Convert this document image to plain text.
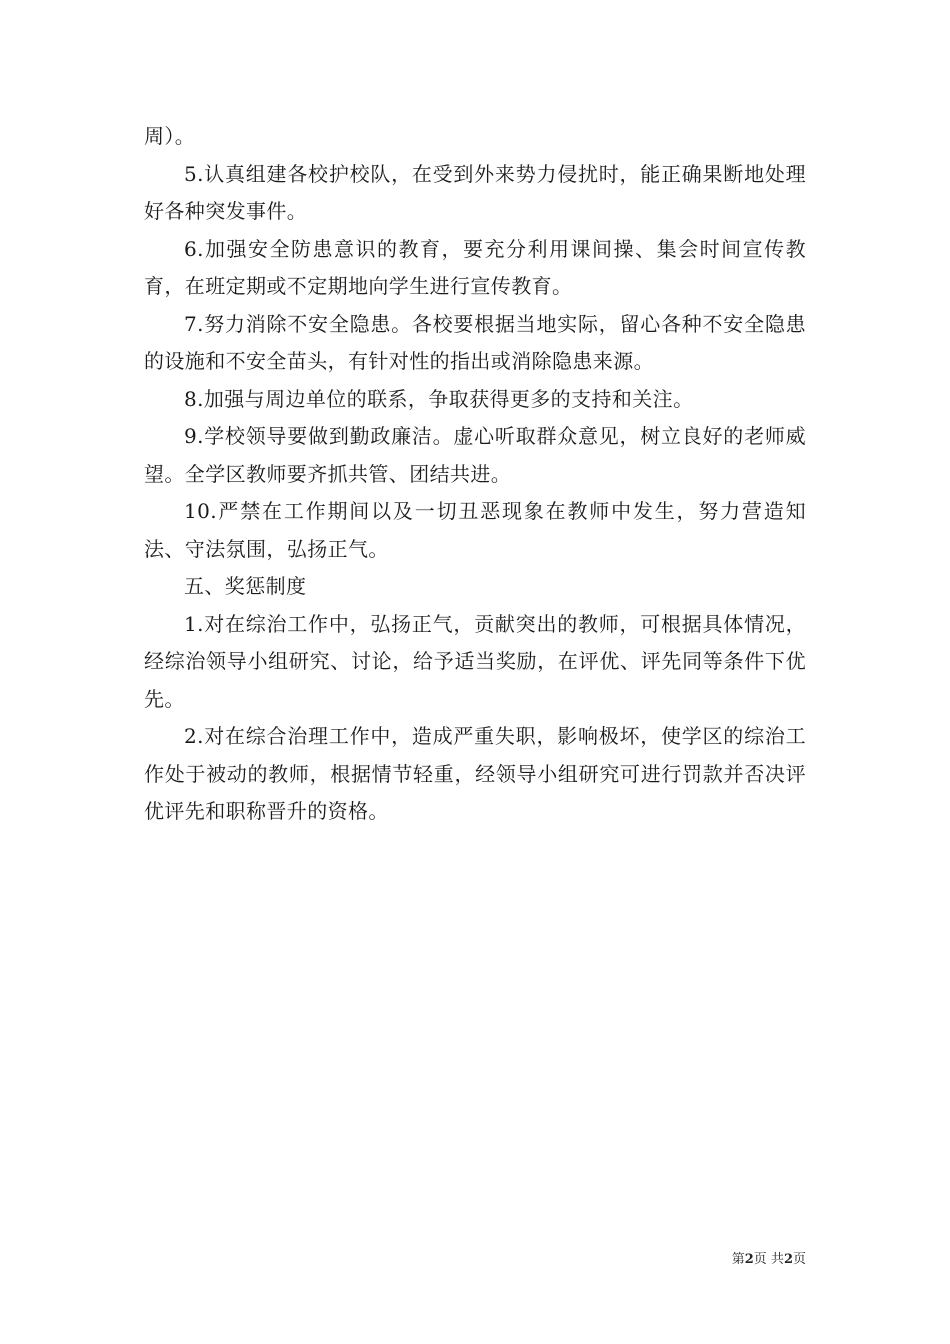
周）。

5.认真组建各校护校队，在受到外来势力侵扰时，能正确果断地处理好各种突发事件。

6.加强安全防患意识的教育，要充分利用课间操、集会时间宣传教育，在班定期或不定期地向学生进行宣传教育。

7.努力消除不安全隐患。各校要根据当地实际，留心各种不安全隐患的设施和不安全苗头，有针对性的指出或消除隐患来源。

8.加强与周边单位的联系，争取获得更多的支持和关注。

9.学校领导要做到勤政廉洁。虚心听取群众意见，树立良好的老师威望。全学区教师要齐抓共管、团结共进。

10.严禁在工作期间以及一切丑恶现象在教师中发生，努力营造知法、守法氛围，弘扬正气。

五、奖惩制度

1.对在综治工作中，弘扬正气，贡献突出的教师，可根据具体情况，经综治领导小组研究、讨论，给予适当奖励，在评优、评先同等条件下优先。

2.对在综合治理工作中，造成严重失职，影响极坏，使学区的综治工作处于被动的教师，根据情节轻重，经领导小组研究可进行罚款并否决评优评先和职称晋升的资格。

第2页 共2页
